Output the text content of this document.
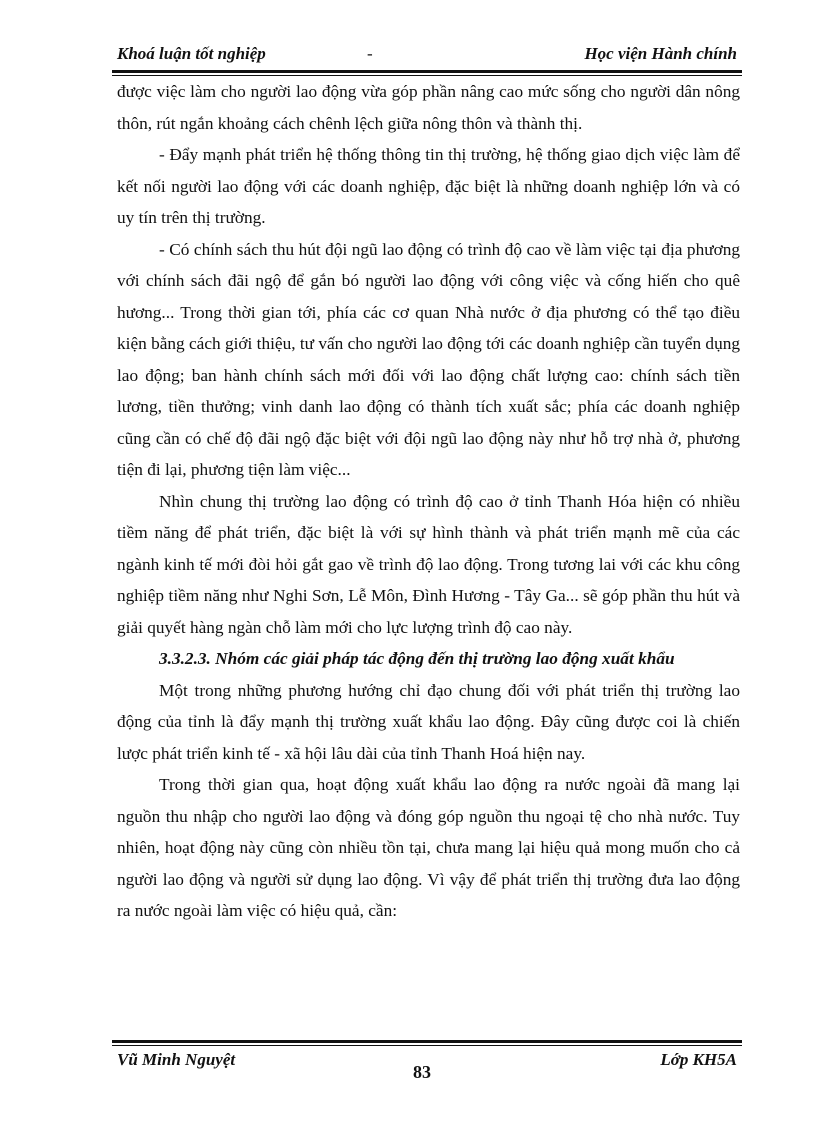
Khoá luận tốt nghiệp	-	Học viện Hành chính

được việc làm cho người lao động vừa góp phần nâng cao mức sống cho người dân nông thôn, rút ngắn khoảng cách chênh lệch giữa nông thôn và thành thị.

- Đẩy mạnh phát triển hệ thống thông tin thị trường, hệ thống giao dịch việc làm để kết nối người lao động với các doanh nghiệp, đặc biệt là những doanh nghiệp lớn và có uy tín trên thị trường.

- Có chính sách thu hút đội ngũ lao động có trình độ cao về làm việc tại địa phương với chính sách đãi ngộ để gắn bó người lao động với công việc và cống hiến cho quê hương... Trong thời gian tới, phía các cơ quan Nhà nước ở địa phương có thể tạo điều kiện bằng cách giới thiệu, tư vấn cho người lao động tới các doanh nghiệp cần tuyển dụng lao động; ban hành chính sách mới đối với lao động chất lượng cao: chính sách tiền lương, tiền thưởng; vinh danh lao động có thành tích xuất sắc; phía các doanh nghiệp cũng cần có chế độ đãi ngộ đặc biệt với đội ngũ lao động này như hỗ trợ nhà ở, phương tiện đi lại, phương tiện làm việc...

Nhìn chung thị trường lao động có trình độ cao ở tỉnh Thanh Hóa hiện có nhiều tiềm năng để phát triển, đặc biệt là với sự hình thành và phát triển mạnh mẽ của các ngành kinh tế mới đòi hỏi gắt gao về trình độ lao động. Trong tương lai với các khu công nghiệp tiềm năng như Nghi Sơn, Lễ Môn, Đình Hương - Tây Ga... sẽ góp phần thu hút và giải quyết hàng ngàn chỗ làm mới cho lực lượng trình độ cao này.

3.3.2.3. Nhóm các giải pháp tác động đến thị trường lao động xuất khẩu

Một trong những phương hướng chỉ đạo chung đối với phát triển thị trường lao động của tỉnh là đẩy mạnh thị trường xuất khẩu lao động. Đây cũng được coi là chiến lược phát triển kinh tế - xã hội lâu dài của tỉnh Thanh Hoá hiện nay.

Trong thời gian qua, hoạt động xuất khẩu lao động ra nước ngoài đã mang lại nguồn thu nhập cho người lao động và đóng góp nguồn thu ngoại tệ cho nhà nước. Tuy nhiên, hoạt động này cũng còn nhiều tồn tại, chưa mang lại hiệu quả mong muốn cho cả người lao động và người sử dụng lao động. Vì vậy để phát triển thị trường đưa lao động ra nước ngoài làm việc có hiệu quả, cần:

Vũ Minh Nguyệt
83
Lớp KH5A
